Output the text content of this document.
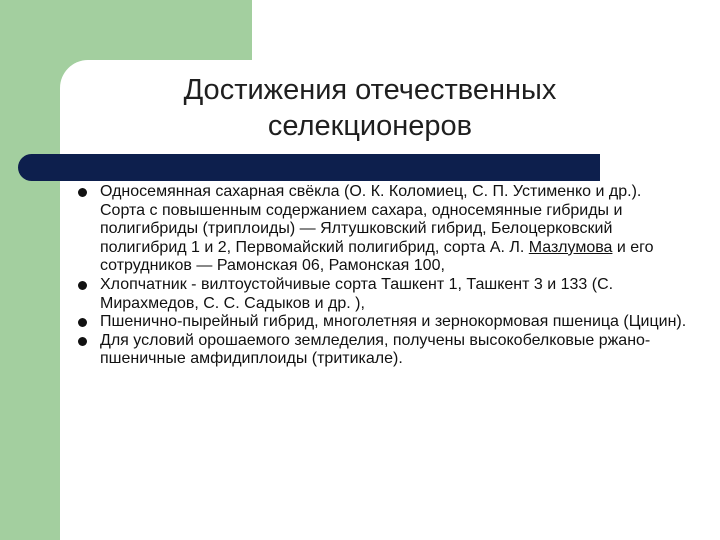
Достижения отечественных
селекционеров
Односемянная сахарная свёкла (О. К. Коломиец, С. П. Устименко и др.). Сорта с повышенным содержанием сахара, односемянные гибриды и полигибриды (триплоиды) — Ялтушковский гибрид, Белоцерковский полигибрид 1 и 2, Первомайский полигибрид, сорта А. Л. Мазлумова и его сотрудников — Рамонская 06, Рамонская 100,
Хлопчатник - вилтоустойчивые сорта Ташкент 1, Ташкент 3 и 133 (С. Мирахмедов, С. С. Садыков и др. ),
Пшенично-пырейный гибрид, многолетняя и зернокормовая пшеница (Цицин).
Для условий орошаемого земледелия, получены высокобелковые ржано-пшеничные амфидиплоиды (тритикале).
